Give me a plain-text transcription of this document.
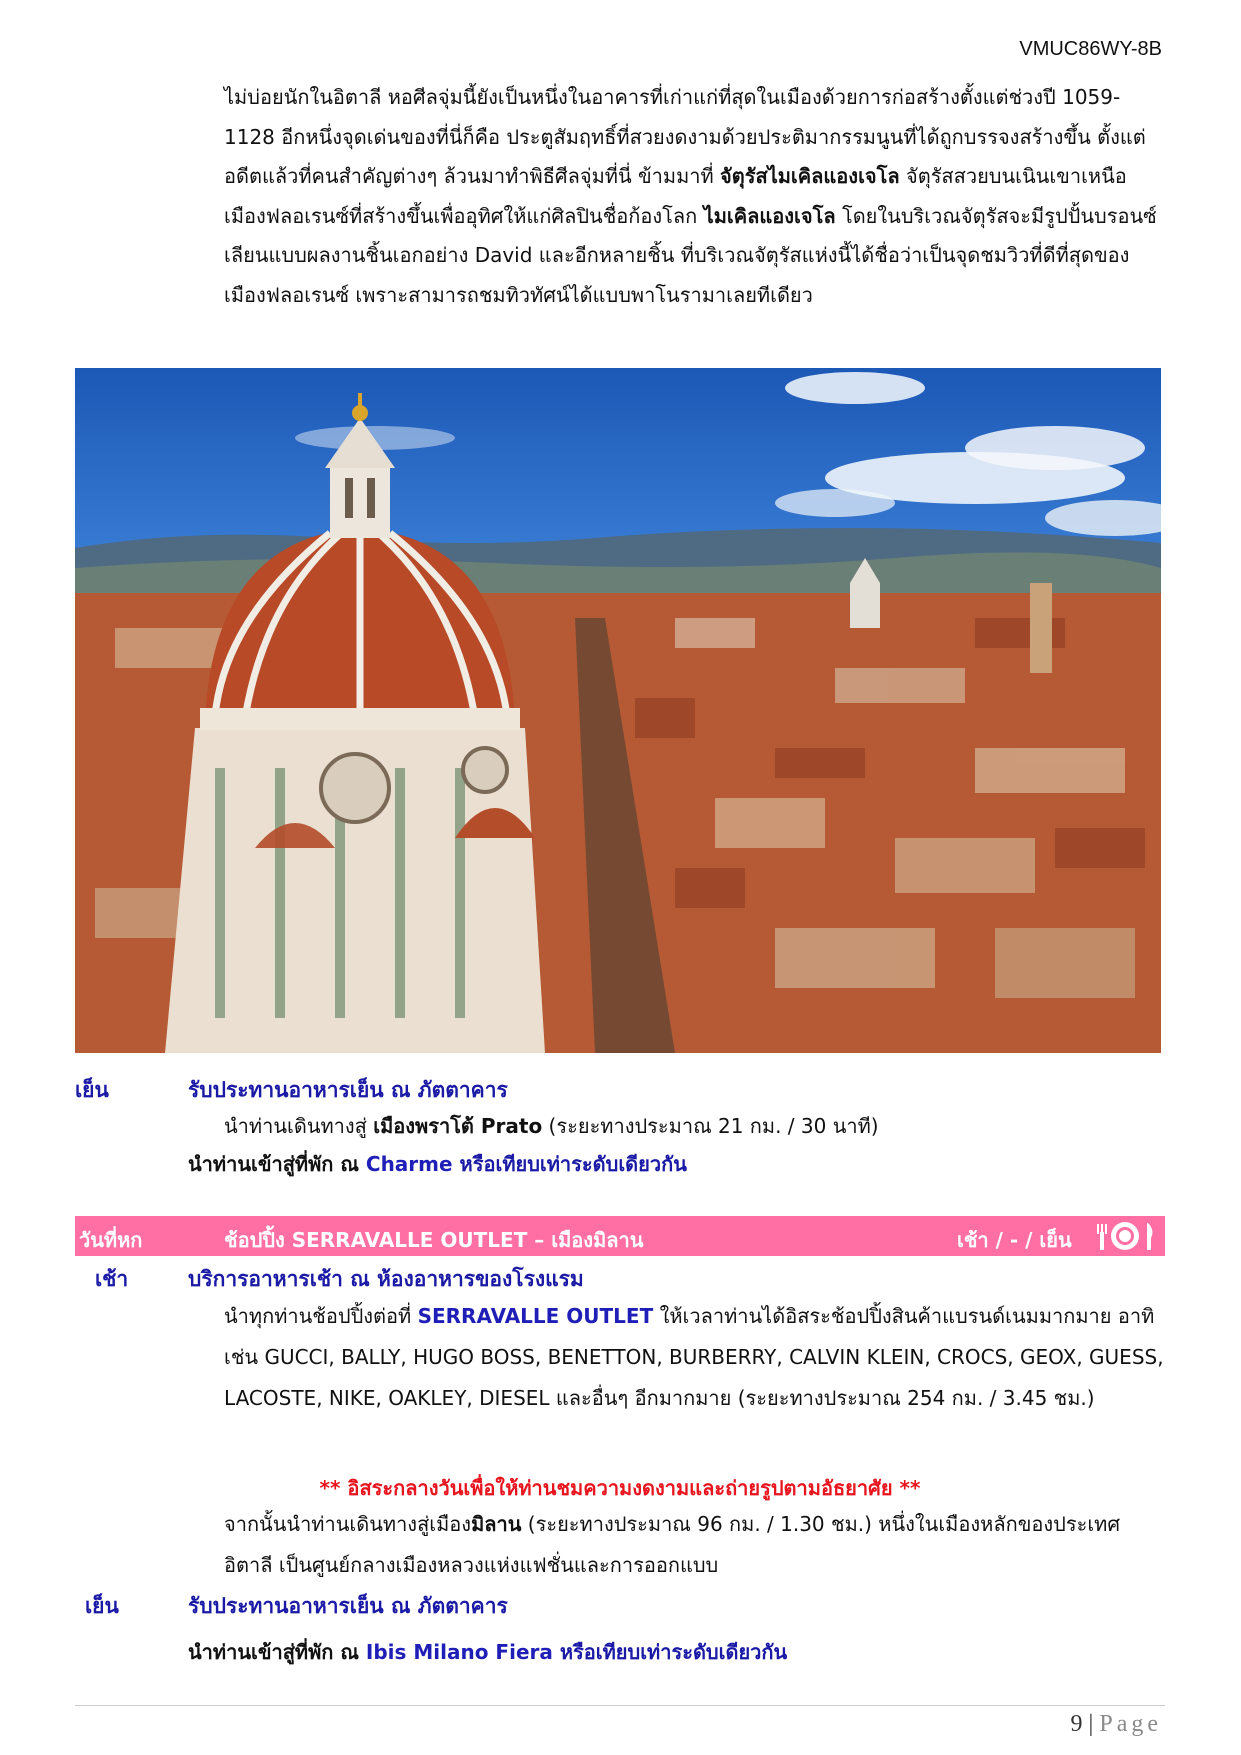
VMUC86WY-8B

ไม่บ่อยนักในอิตาลี หอศีลจุ่มนี้ยังเป็นหนึ่งในอาคารที่เก่าแก่ที่สุดในเมืองด้วยการก่อสร้างตั้งแต่ช่วงปี 1059-1128 อีกหนึ่งจุดเด่นของที่นี่ก็คือ ประตูสัมฤทธิ์ที่สวยงดงามด้วยประติมากรรมนูนที่ได้ถูกบรรจงสร้างขึ้น ตั้งแต่อดีตแล้วที่คนสำคัญต่างๆ ล้วนมาทำพิธีศีลจุ่มที่นี่ ข้ามมาที่ จัตุรัสไมเคิลแองเจโล จัตุรัสสวยบนเนินเขาเหนือเมืองฟลอเรนซ์ที่สร้างขึ้นเพื่ออุทิศให้แก่ศิลปินชื่อก้องโลก ไมเคิลแองเจโล โดยในบริเวณจัตุรัสจะมีรูปปั้นบรอนซ์เลียนแบบผลงานชิ้นเอกอย่าง David และอีกหลายชิ้น ที่บริเวณจัตุรัสแห่งนี้ได้ชื่อว่าเป็นจุดชมวิวที่ดีที่สุดของเมืองฟลอเรนซ์ เพราะสามารถชมทิวทัศน์ได้แบบพาโนรามาเลยทีเดียว

เย็น	รับประทานอาหารเย็น ณ ภัตตาคาร

นำท่านเดินทางสู่ เมืองพราโต้ Prato (ระยะทางประมาณ 21 กม. / 30 นาที)

นำท่านเข้าสู่ที่พัก ณ Charme หรือเทียบเท่าระดับเดียวกัน
วันที่หก	ช้อปปิ้ง SERRAVALLE OUTLET – เมืองมิลาน	เช้า / - / เย็น
เช้า	บริการอาหารเช้า ณ ห้องอาหารของโรงแรม

นำทุกท่านช้อปปิ้งต่อที่ SERRAVALLE OUTLET ให้เวลาท่านได้อิสระช้อปปิ้งสินค้าแบรนด์เนมมากมาย อาทิ เช่น GUCCI, BALLY, HUGO BOSS, BENETTON, BURBERRY, CALVIN KLEIN, CROCS, GEOX, GUESS, LACOSTE, NIKE, OAKLEY, DIESEL และอื่นๆ อีกมากมาย (ระยะทางประมาณ 254 กม. / 3.45 ชม.)

** อิสระกลางวันเพื่อให้ท่านชมความงดงามและถ่ายรูปตามอัธยาศัย **

จากนั้นนำท่านเดินทางสู่เมืองมิลาน (ระยะทางประมาณ 96 กม. / 1.30 ชม.) หนึ่งในเมืองหลักของประเทศอิตาลี เป็นศูนย์กลางเมืองหลวงแห่งแฟชั่นและการออกแบบ

เย็น	รับประทานอาหารเย็น ณ ภัตตาคาร
นำท่านเข้าสู่ที่พัก ณ Ibis Milano Fiera หรือเทียบเท่าระดับเดียวกัน
9 | Page
